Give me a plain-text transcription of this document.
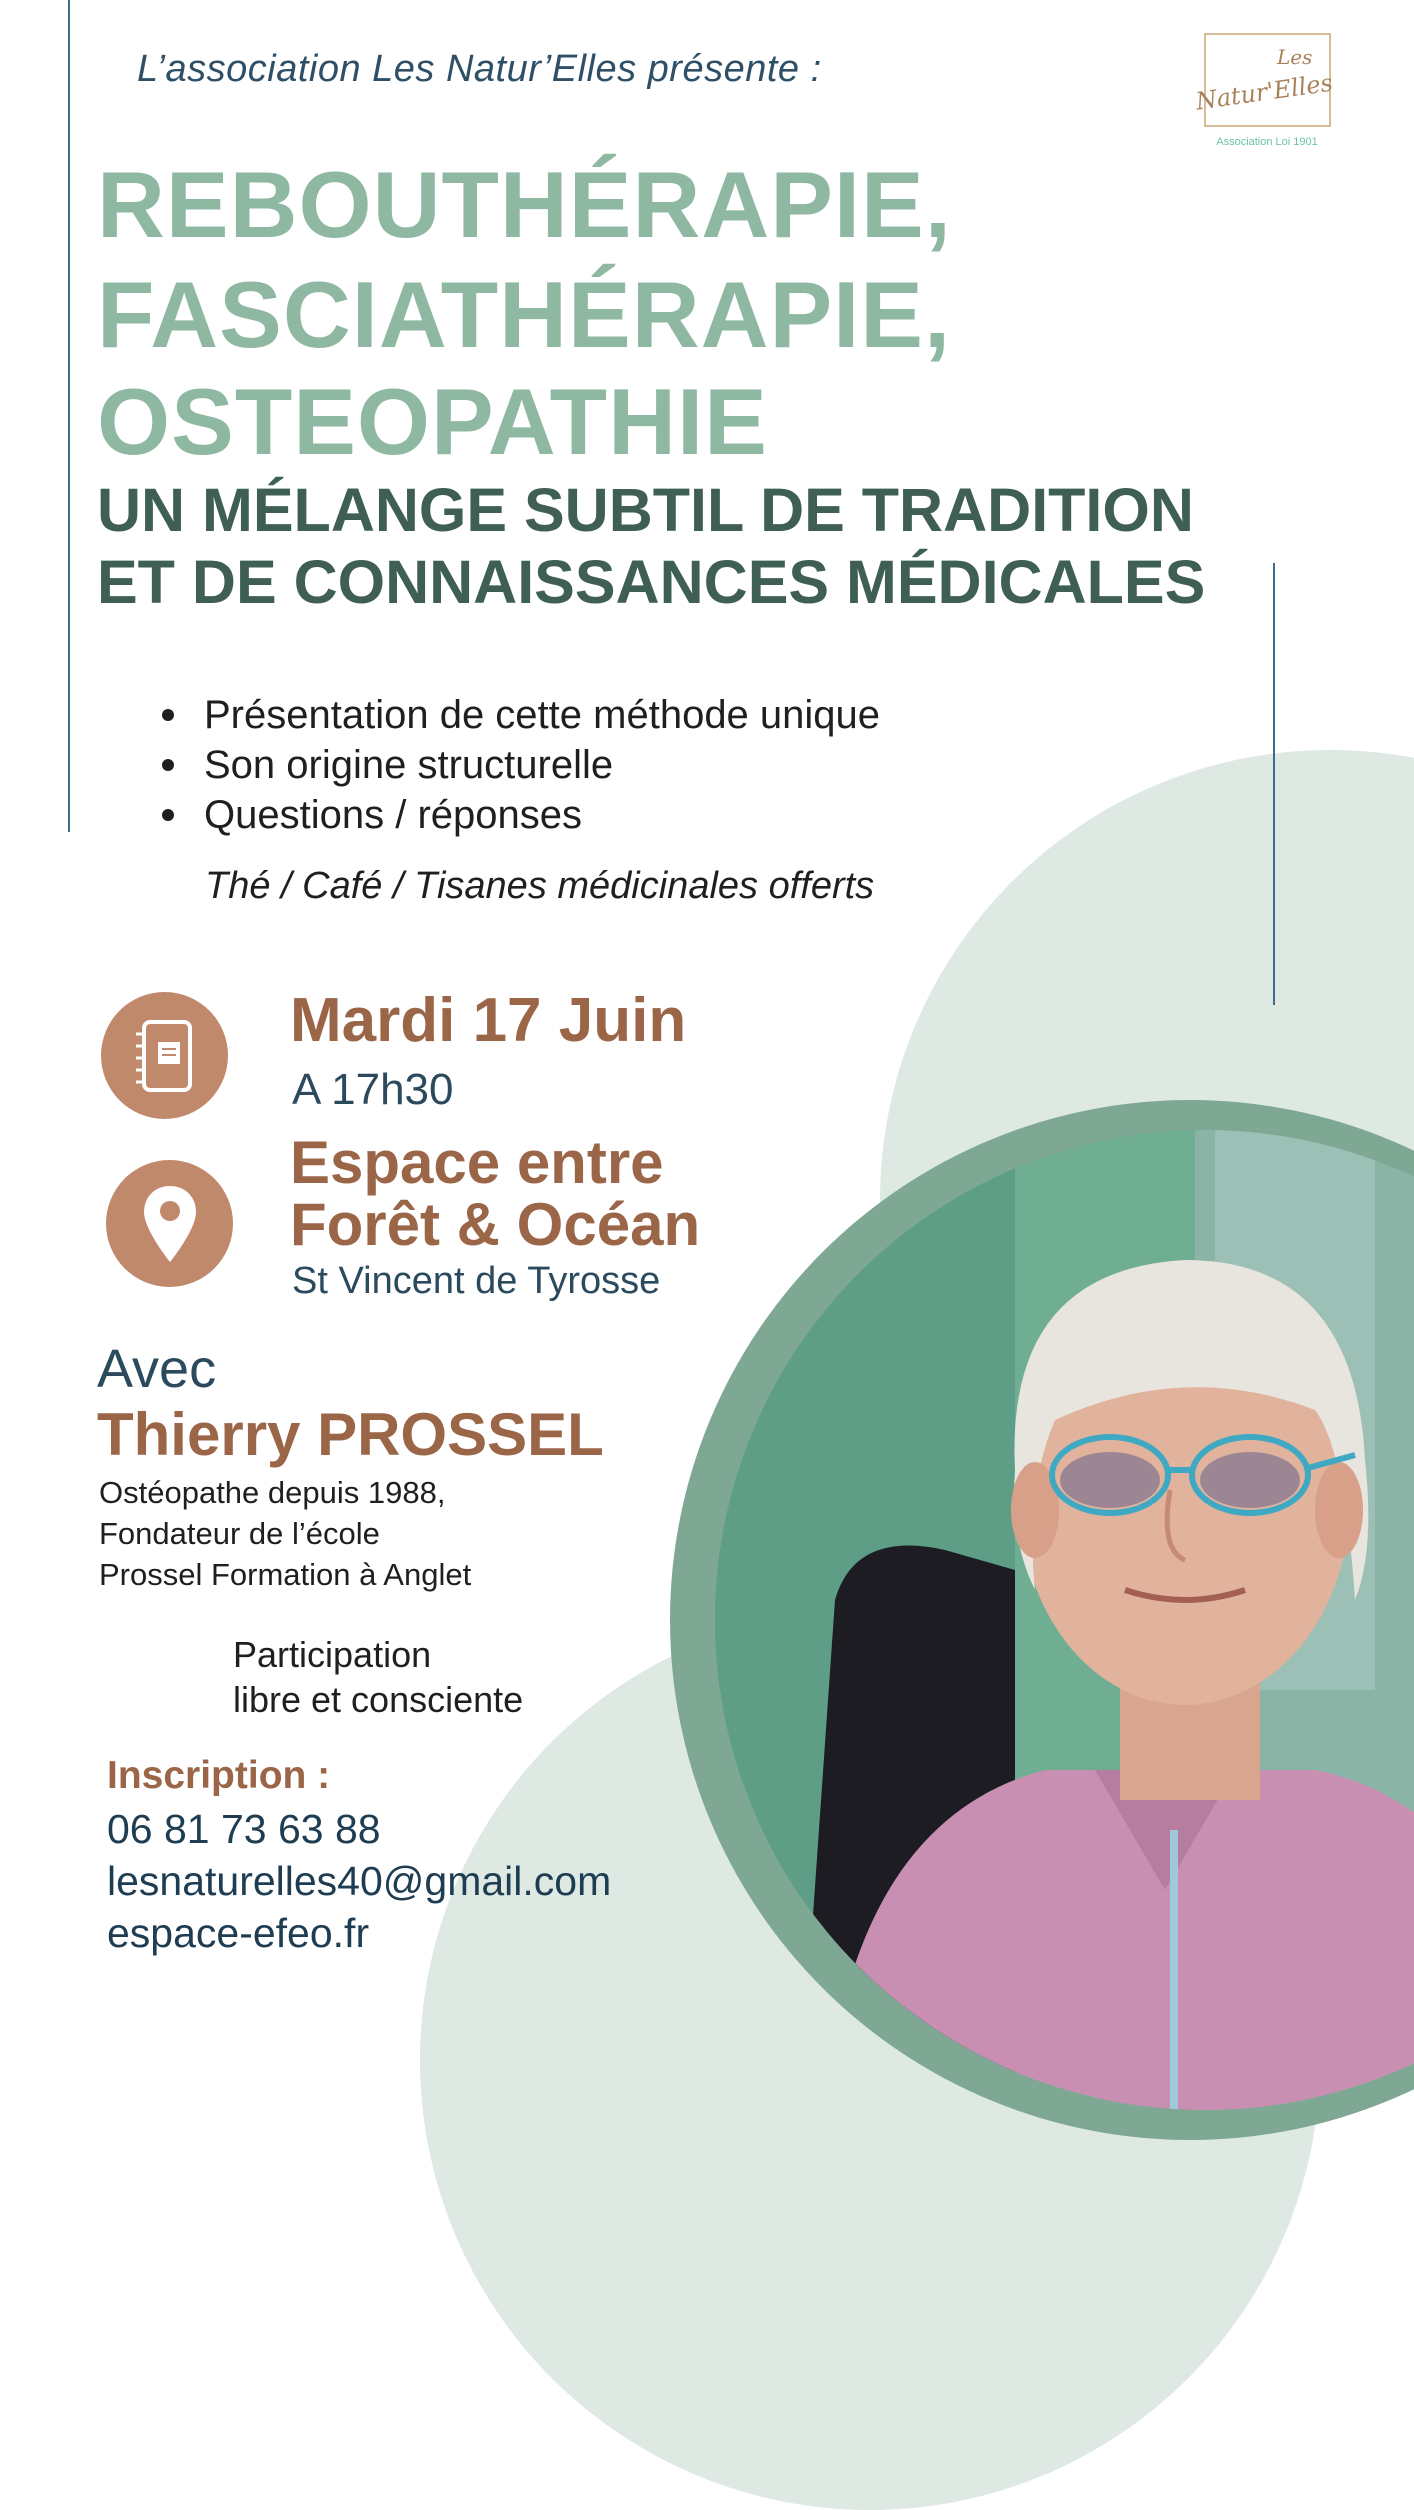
Les
Natur'Elles
Association Loi 1901
L’association Les Natur’Elles présente :
REBOUTHÉRAPIE,
FASCIATHÉRAPIE,
OSTEOPATHIE
UN MÉLANGE SUBTIL DE TRADITION
ET DE CONNAISSANCES MÉDICALES
Présentation de cette méthode unique
Son origine structurelle
Questions / réponses
Thé / Café / Tisanes médicinales offerts
Mardi 17 Juin
A 17h30
Espace entre
Forêt & Océan
St Vincent de Tyrosse
Avec
Thierry PROSSEL
Ostéopathe depuis 1988,
Fondateur de l’école
Prossel Formation à Anglet
Participation
libre et consciente
Inscription :
06 81 73 63 88
lesnaturelles40@gmail.com
espace-efeo.fr
